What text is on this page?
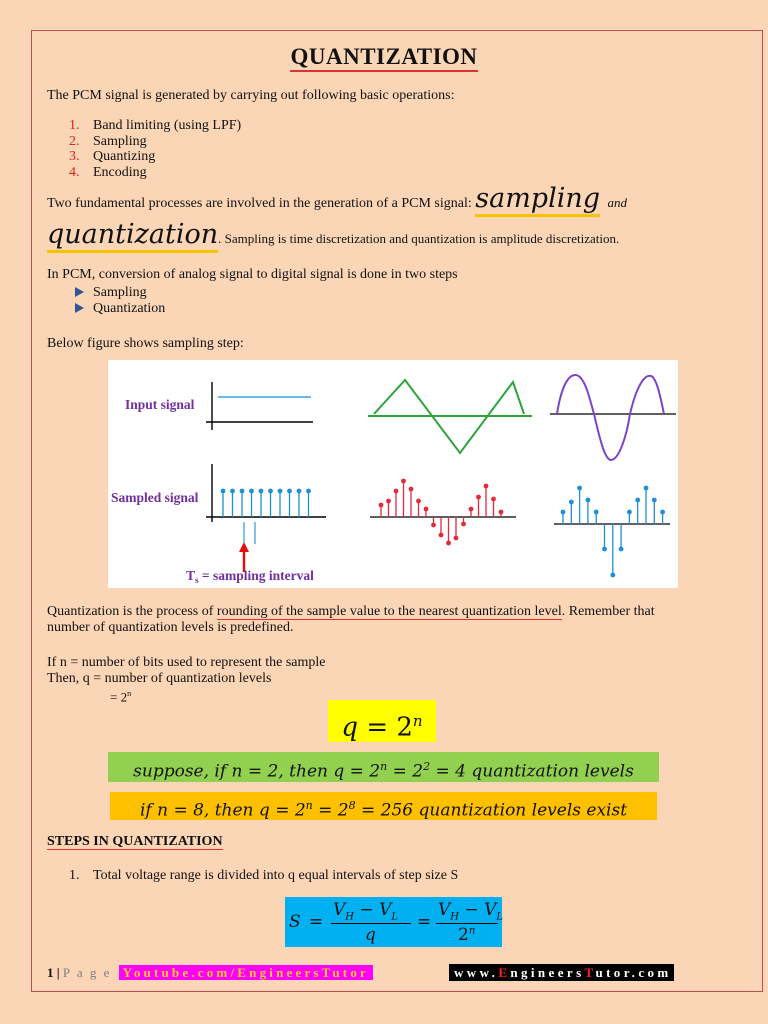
QUANTIZATION
The PCM signal is generated by carrying out following basic operations:
1. Band limiting (using LPF)
2. Sampling
3. Quantizing
4. Encoding
Two fundamental processes are involved in the generation of a PCM signal: sampling and
quantization. Sampling is time discretization and quantization is amplitude discretization.
In PCM, conversion of analog signal to digital signal is done in two steps
Sampling
Quantization
Below figure shows sampling step:
Input signal
Sampled signal
$T_s$ = sampling interval
Quantization is the process of rounding of the sample value to the nearest quantization level. Remember that
number of quantization levels is predefined.
If n = number of bits used to represent the sample
Then, q = number of quantization levels
= $2^n$
$q = 2^n$
suppose, if n = 2, then $q = 2^n = 2^2 = 4$ quantization levels
if n = 8, then $q = 2^n = 2^8 = 256$ quantization levels exist
STEPS IN QUANTIZATION
1. Total voltage range is divided into q equal intervals of step size S
S =
$V_H - V_L$
q
=
$V_H - V_L$
2$^n$
1 | P a g e Youtube.com/EngineersTutor	www.EngineersTutor.com
